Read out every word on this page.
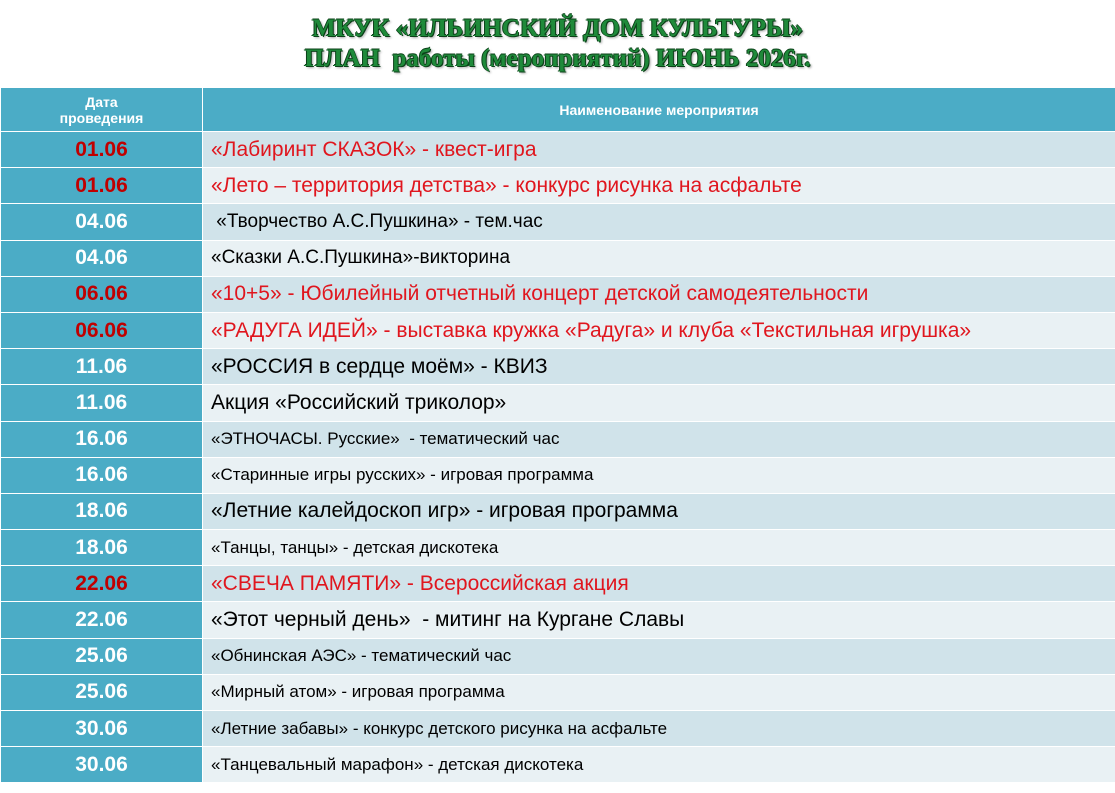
МКУК «ИЛЬИНСКИЙ ДОМ КУЛЬТУРЫ»
ПЛАН  работы (мероприятий) ИЮНЬ 2026г.
Дата проведения	Наименование мероприятия
01.06	«Лабиринт СКАЗОК» - квест-игра
01.06	«Лето – территория детства» - конкурс рисунка на асфальте
04.06	«Творчество А.С.Пушкина» - тем.час
04.06	«Сказки А.С.Пушкина»-викторина
06.06	«10+5» - Юбилейный отчетный концерт детской самодеятельности
06.06	«РАДУГА ИДЕЙ» - выставка кружка «Радуга» и клуба «Текстильная игрушка»
11.06	«РОССИЯ в сердце моём» - КВИЗ
11.06	Акция «Российский триколор»
16.06	«ЭТНОЧАСЫ. Русские»  - тематический час
16.06	«Старинные игры русских» - игровая программа
18.06	«Летние калейдоскоп игр» - игровая программа
18.06	«Танцы, танцы» - детская дискотека
22.06	«СВЕЧА ПАМЯТИ» - Всероссийская акция
22.06	«Этот черный день»  - митинг на Кургане Славы
25.06	«Обнинская АЭС» - тематический час
25.06	«Мирный атом» - игровая программа
30.06	«Летние забавы» - конкурс детского рисунка на асфальте
30.06	«Танцевальный марафон» - детская дискотека
